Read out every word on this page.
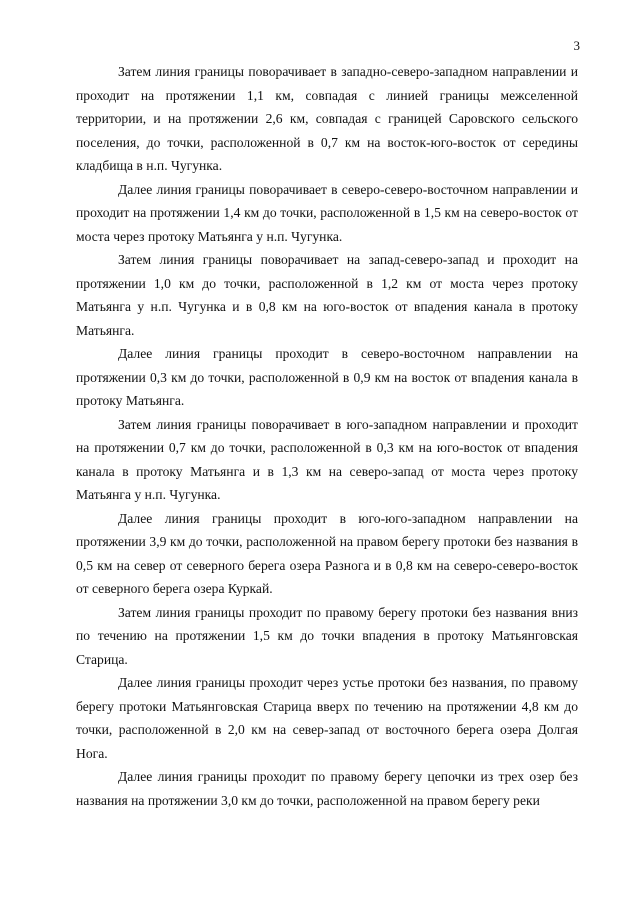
3

Затем линия границы поворачивает в западно-северо-западном направлении и проходит на протяжении 1,1 км, совпадая с линией границы межселенной территории, и на протяжении 2,6 км, совпадая с границей Саровского сельского поселения, до точки, расположенной в 0,7 км на восток-юго-восток от середины кладбища в н.п. Чугунка.

Далее линия границы поворачивает в северо-северо-восточном направлении и проходит на протяжении 1,4 км до точки, расположенной в 1,5 км на северо-восток от моста через протоку Матьянга у н.п. Чугунка.

Затем линия границы поворачивает на запад-северо-запад и проходит на протяжении 1,0 км до точки, расположенной в 1,2 км от моста через протоку Матьянга у н.п. Чугунка и в 0,8 км на юго-восток от впадения канала в протоку Матьянга.

Далее линия границы проходит в северо-восточном направлении на протяжении 0,3 км до точки, расположенной в 0,9 км на восток от впадения канала в протоку Матьянга.

Затем линия границы поворачивает в юго-западном направлении и проходит на протяжении 0,7 км до точки, расположенной в 0,3 км на юго-восток от впадения канала в протоку Матьянга и в 1,3 км на северо-запад от моста через протоку Матьянга у н.п. Чугунка.

Далее линия границы проходит в юго-юго-западном направлении на протяжении 3,9 км до точки, расположенной на правом берегу протоки без названия в 0,5 км на север от северного берега озера Разнога и в 0,8 км на северо-северо-восток от северного берега озера Куркай.

Затем линия границы проходит по правому берегу протоки без названия вниз по течению на протяжении 1,5 км до точки впадения в протоку Матьянговская Старица.

Далее линия границы проходит через устье протоки без названия, по правому берегу протоки Матьянговская Старица вверх по течению на протяжении 4,8 км до точки, расположенной в 2,0 км на север-запад от восточного берега озера Долгая Нога.

Далее линия границы проходит по правому берегу цепочки из трех озер без названия на протяжении 3,0 км до точки, расположенной на правом берегу реки
